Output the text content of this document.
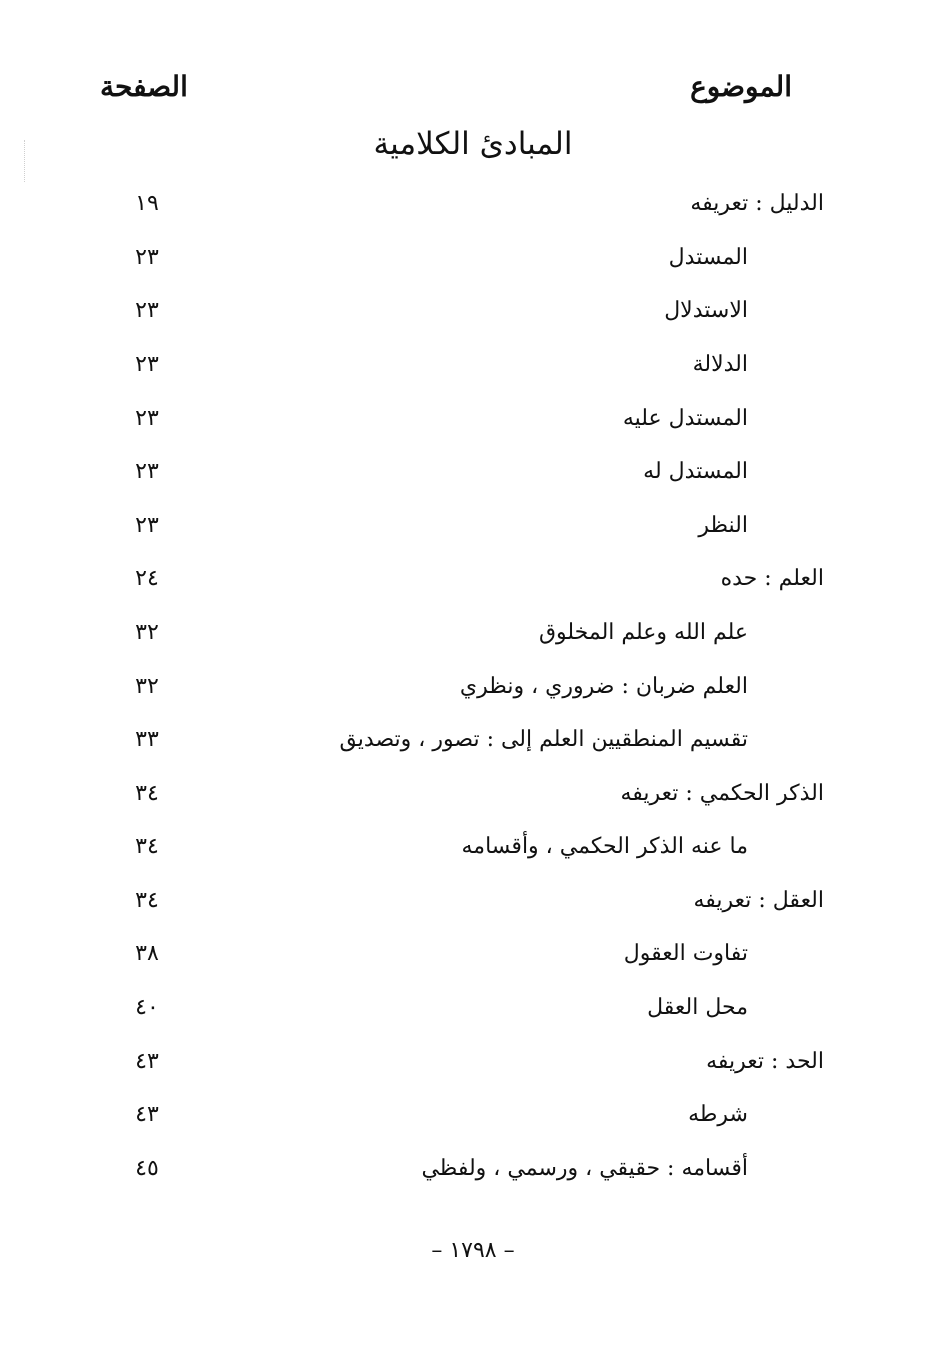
الموضوع
الصفحة
المبادئ الكلامية
الدليل : تعريفه
١٩
المستدل
٢٣
الاستدلال
٢٣
الدلالة
٢٣
المستدل عليه
٢٣
المستدل له
٢٣
النظر
٢٣
العلم : حده
٢٤
علم الله وعلم المخلوق
٣٢
العلم ضربان : ضروري ، ونظري
٣٢
تقسيم المنطقيين العلم إلى : تصور ، وتصديق
٣٣
الذكر الحكمي : تعريفه
٣٤
ما عنه الذكر الحكمي ، وأقسامه
٣٤
العقل : تعريفه
٣٤
تفاوت العقول
٣٨
محل العقل
٤٠
الحد : تعريفه
٤٣
شرطه
٤٣
أقسامه : حقيقي ، ورسمي ، ولفظي
٤٥
– ١٧٩٨ –
